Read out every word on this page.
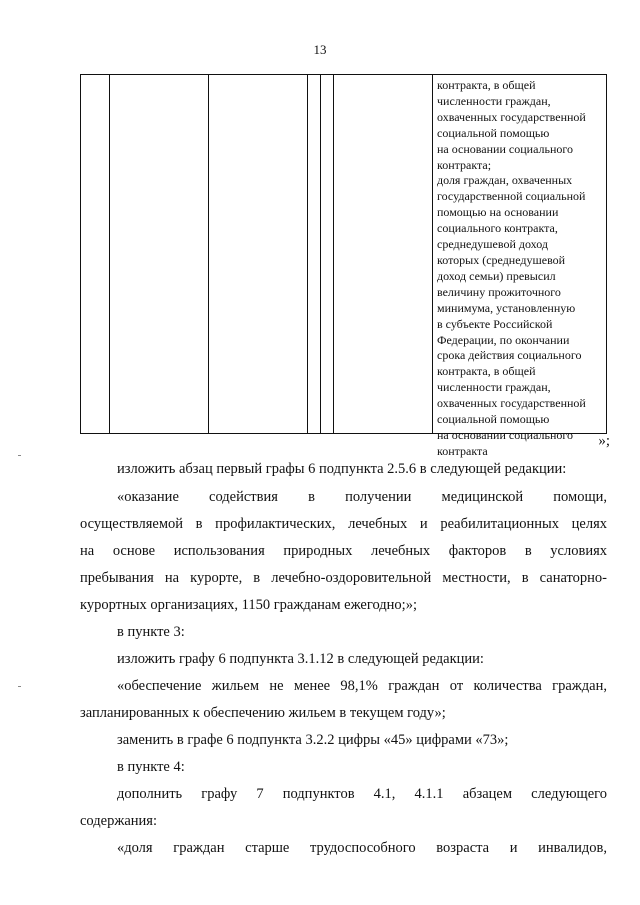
13
контракта, в общей
численности граждан,
охваченных государственной
социальной помощью
на основании социального
контракта;
доля граждан, охваченных
государственной социальной
помощью на основании
социального контракта,
среднедушевой доход
которых (среднедушевой
доход семьи) превысил
величину прожиточного
минимума, установленную
в субъекте Российской
Федерации, по окончании
срока действия социального
контракта, в общей
численности граждан,
охваченных государственной
социальной помощью
на основании социального
контракта
»;
изложить абзац первый графы 6 подпункта 2.5.6 в следующей редакции:
«оказание содействия в получении медицинской помощи,
осуществляемой в профилактических, лечебных и реабилитационных целях
на основе использования природных лечебных факторов в условиях
пребывания на курорте, в лечебно-оздоровительной местности, в санаторно-
курортных организациях, 1150 гражданам ежегодно;»;
в пункте 3:
изложить графу 6 подпункта 3.1.12 в следующей редакции:
«обеспечение жильем не менее 98,1% граждан от количества граждан,
запланированных к обеспечению жильем в текущем году»;
заменить в графе 6 подпункта 3.2.2 цифры «45» цифрами «73»;
в пункте 4:
дополнить графу 7 подпунктов 4.1, 4.1.1 абзацем следующего
содержания:
«доля граждан старше трудоспособного возраста и инвалидов,
